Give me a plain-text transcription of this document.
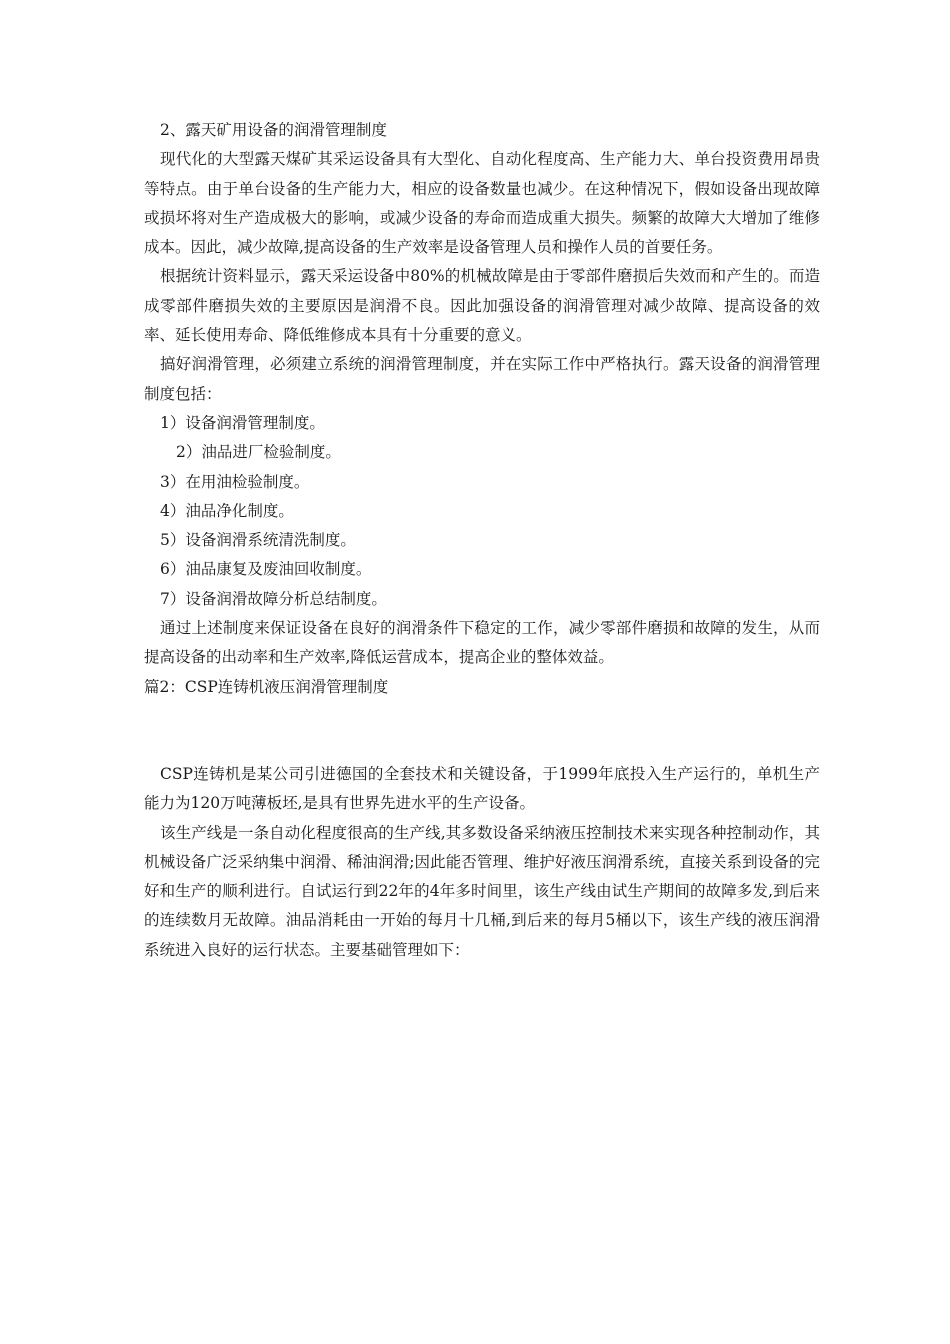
2、露天矿用设备的润滑管理制度

现代化的大型露天煤矿其采运设备具有大型化、自动化程度高、生产能力大、单台投资费用昂贵等特点。由于单台设备的生产能力大，相应的设备数量也减少。在这种情况下，假如设备出现故障或损坏将对生产造成极大的影响，或减少设备的寿命而造成重大损失。频繁的故障大大增加了维修成本。因此，减少故障,提高设备的生产效率是设备管理人员和操作人员的首要任务。

根据统计资料显示，露天采运设备中80%的机械故障是由于零部件磨损后失效而和产生的。而造成零部件磨损失效的主要原因是润滑不良。因此加强设备的润滑管理对减少故障、提高设备的效率、延长使用寿命、降低维修成本具有十分重要的意义。

搞好润滑管理，必须建立系统的润滑管理制度，并在实际工作中严格执行。露天设备的润滑管理制度包括：

1）设备润滑管理制度。

2）油品进厂检验制度。

3）在用油检验制度。

4）油品净化制度。

5）设备润滑系统清洗制度。

6）油品康复及废油回收制度。

7）设备润滑故障分析总结制度。

通过上述制度来保证设备在良好的润滑条件下稳定的工作，减少零部件磨损和故障的发生，从而提高设备的出动率和生产效率,降低运营成本，提高企业的整体效益。

篇2：CSP连铸机液压润滑管理制度

CSP连铸机是某公司引进德国的全套技术和关键设备，于1999年底投入生产运行的，单机生产能力为120万吨薄板坯,是具有世界先进水平的生产设备。

该生产线是一条自动化程度很高的生产线,其多数设备采纳液压控制技术来实现各种控制动作，其机械设备广泛采纳集中润滑、稀油润滑;因此能否管理、维护好液压润滑系统，直接关系到设备的完好和生产的顺利进行。自试运行到22年的4年多时间里，该生产线由试生产期间的故障多发,到后来的连续数月无故障。油品消耗由一开始的每月十几桶,到后来的每月5桶以下，该生产线的液压润滑系统进入良好的运行状态。主要基础管理如下：
